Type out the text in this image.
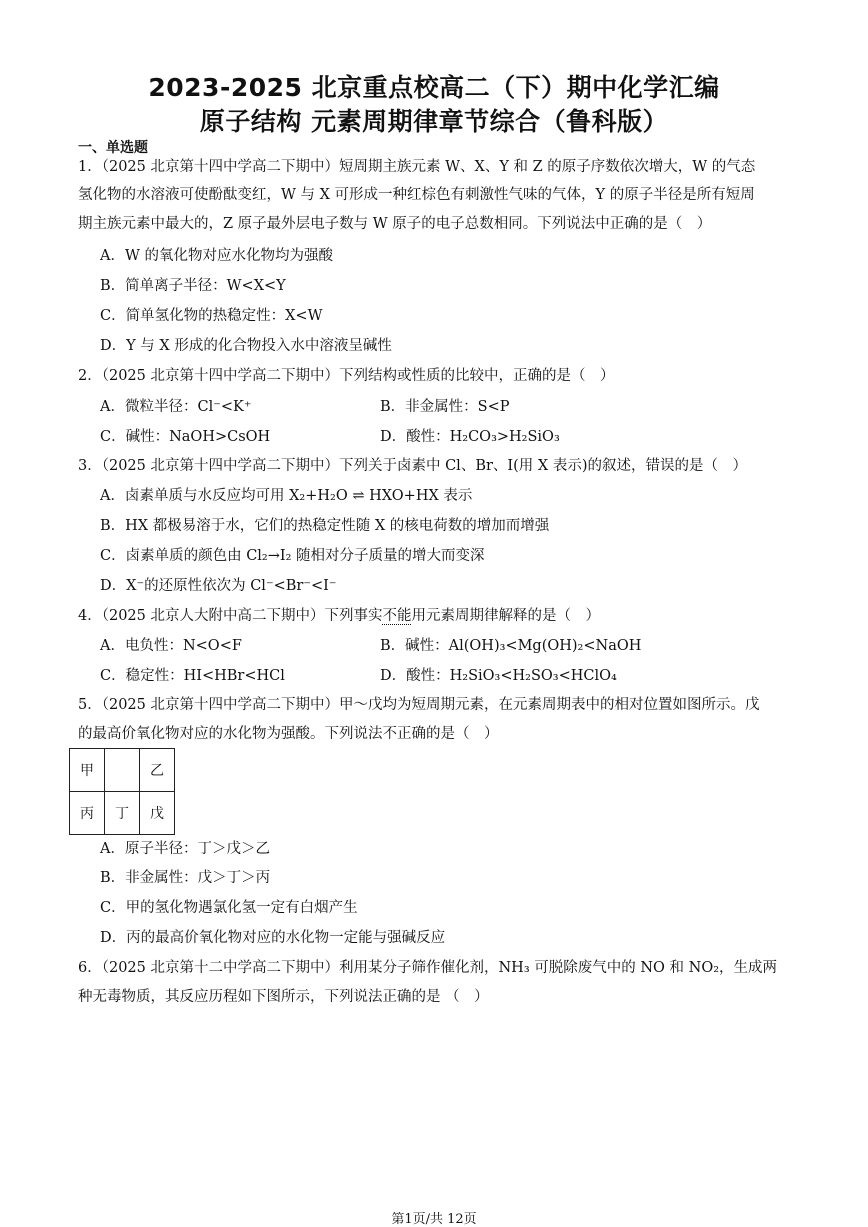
2023-2025 北京重点校高二（下）期中化学汇编
原子结构 元素周期律章节综合（鲁科版）
一、单选题
1．（2025 北京第十四中学高二下期中）短周期主族元素 W、X、Y 和 Z 的原子序数依次增大，W 的气态
氢化物的水溶液可使酚酞变红，W 与 X 可形成一种红棕色有刺激性气味的气体，Y 的原子半径是所有短周
期主族元素中最大的，Z 原子最外层电子数与 W 原子的电子总数相同。下列说法中正确的是（　）
A．W 的氧化物对应水化物均为强酸
B．简单离子半径：W<X<Y
C．简单氢化物的热稳定性：X<W
D．Y 与 X 形成的化合物投入水中溶液呈碱性
2．（2025 北京第十四中学高二下期中）下列结构或性质的比较中，正确的是（　）
A．微粒半径：Cl⁻<K⁺	B．非金属性：S<P
C．碱性：NaOH>CsOH	D．酸性：H₂CO₃>H₂SiO₃
3．（2025 北京第十四中学高二下期中）下列关于卤素中 Cl、Br、I(用 X 表示)的叙述，错误的是（　）
A．卤素单质与水反应均可用 X₂+H₂O ⇌ HXO+HX 表示
B．HX 都极易溶于水，它们的热稳定性随 X 的核电荷数的增加而增强
C．卤素单质的颜色由 Cl₂→I₂ 随相对分子质量的增大而变深
D．X⁻的还原性依次为 Cl⁻<Br⁻<I⁻
4．（2025 北京人大附中高二下期中）下列事实不能用元素周期律解释的是（　）
A．电负性：N<O<F	B．碱性：Al(OH)₃<Mg(OH)₂<NaOH
C．稳定性：HI<HBr<HCl	D．酸性：H₂SiO₃<H₂SO₃<HClO₄
5．（2025 北京第十四中学高二下期中）甲～戊均为短周期元素，在元素周期表中的相对位置如图所示。戊
的最高价氧化物对应的水化物为强酸。下列说法不正确的是（　）
甲		乙
丙	丁	戊
A．原子半径：丁＞戊＞乙
B．非金属性：戊＞丁＞丙
C．甲的氢化物遇氯化氢一定有白烟产生
D．丙的最高价氧化物对应的水化物一定能与强碱反应
6．（2025 北京第十二中学高二下期中）利用某分子筛作催化剂，NH₃ 可脱除废气中的 NO 和 NO₂，生成两
种无毒物质，其反应历程如下图所示，下列说法正确的是 （　）
第1页/共 12页
